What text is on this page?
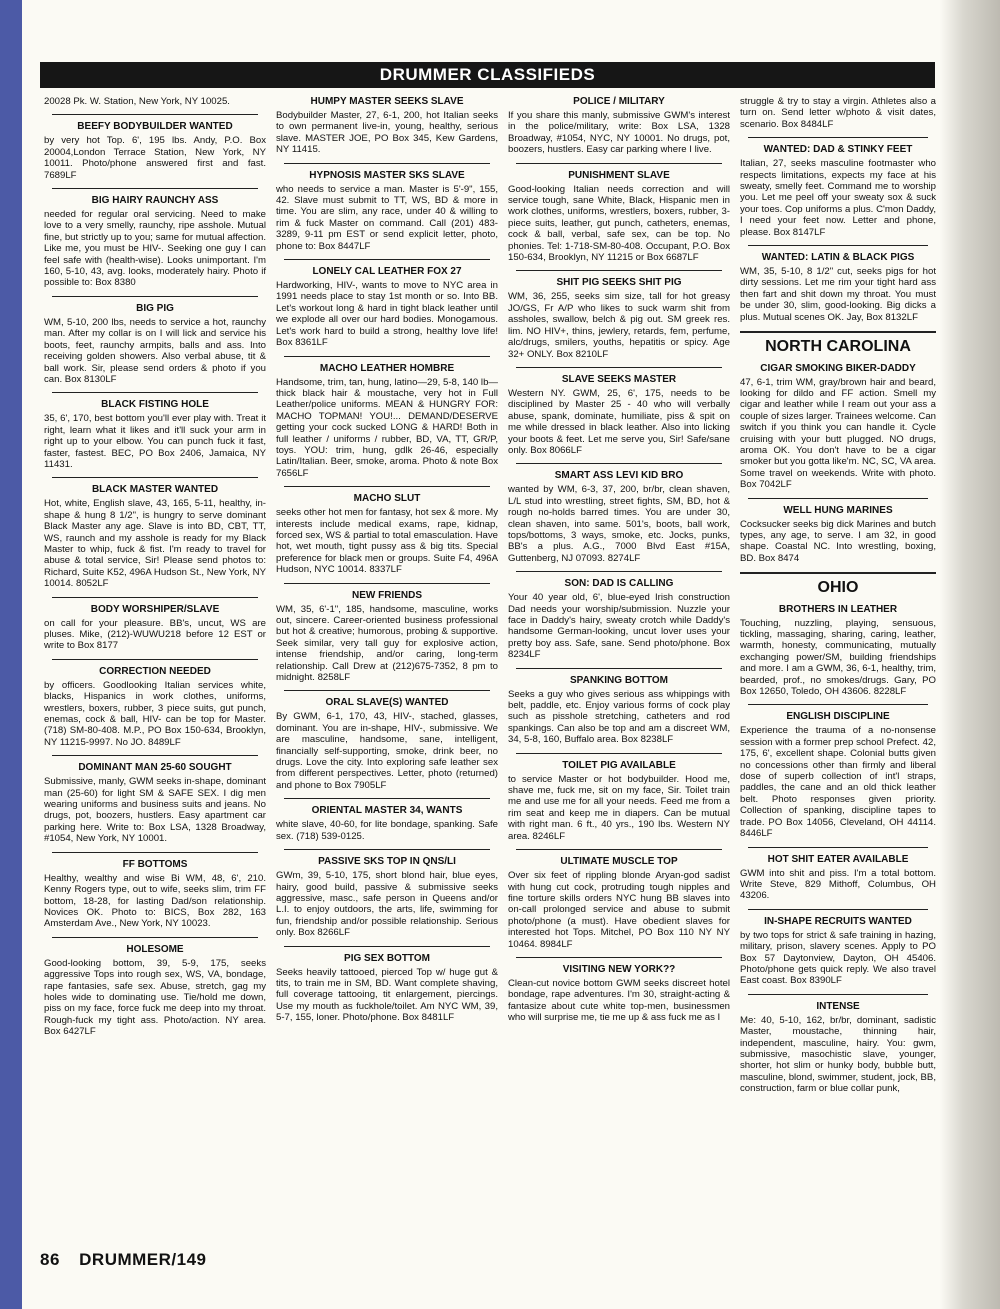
DRUMMER CLASSIFIEDS
20028 Pk. W. Station, New York, NY 10025.
BEEFY BODYBUILDER WANTED
by very hot Top. 6', 195 lbs. Andy, P.O. Box 20004,London Terrace Station, New York, NY 10011. Photo/phone answered first and fast. 7689LF
BIG HAIRY RAUNCHY ASS
needed for regular oral servicing. Need to make love to a very smelly, raunchy, ripe asshole. Mutual fine, but strictly up to you; same for mutual affection. Like me, you must be HIV-. Seeking one guy I can feel safe with (health-wise). Looks unimportant. I'm 160, 5-10, 43, avg. looks, moderately hairy. Photo if possible to: Box 8380
BIG PIG
WM, 5-10, 200 lbs, needs to service a hot, raunchy man. After my collar is on I will lick and service his boots, feet, raunchy armpits, balls and ass. Into receiving golden showers. Also verbal abuse, tit & ball work. Sir, please send orders & photo if you can. Box 8130LF
BLACK FISTING HOLE
35, 6', 170, best bottom you'll ever play with. Treat it right, learn what it likes and it'll suck your arm in right up to your elbow. You can punch fuck it fast, faster, fastest. BEC, PO Box 2406, Jamaica, NY 11431.
BLACK MASTER WANTED
Hot, white, English slave, 43, 165, 5-11, healthy, in-shape & hung 8 1/2", is hungry to serve dominant Black Master any age. Slave is into BD, CBT, TT, WS, raunch and my asshole is ready for my Black Master to whip, fuck & fist. I'm ready to travel for abuse & total service, Sir! Please send photos to: Richard, Suite K52, 496A Hudson St., New York, NY 10014. 8052LF
BODY WORSHIPER/SLAVE
on call for your pleasure. BB's, uncut, WS are pluses. Mike, (212)-WUWU218 before 12 EST or write to Box 8177
CORRECTION NEEDED
by officers. Goodlooking Italian services white, blacks, Hispanics in work clothes, uniforms, wrestlers, boxers, rubber, 3 piece suits, gut punch, enemas, cock & ball, HIV- can be top for Master. (718) SM-80-408. M.P., PO Box 150-634, Brooklyn, NY 11215-9997. No JO. 8489LF
DOMINANT MAN 25-60 SOUGHT
Submissive, manly, GWM seeks in-shape, dominant man (25-60) for light SM & SAFE SEX. I dig men wearing uniforms and business suits and jeans. No drugs, pot, boozers, hustlers. Easy apartment car parking here. Write to: Box LSA, 1328 Broadway, #1054, New York, NY 10001.
FF BOTTOMS
Healthy, wealthy and wise Bi WM, 48, 6', 210. Kenny Rogers type, out to wife, seeks slim, trim FF bottom, 18-28, for lasting Dad/son relationship. Novices OK. Photo to: BICS, Box 282, 163 Amsterdam Ave., New York, NY 10023.
HOLESOME
Good-looking bottom, 39, 5-9, 175, seeks aggressive Tops into rough sex, WS, VA, bondage, rape fantasies, safe sex. Abuse, stretch, gag my holes wide to dominating use. Tie/hold me down, piss on my face, force fuck me deep into my throat. Rough-fuck my tight ass. Photo/action. NY area. Box 6427LF
HUMPY MASTER SEEKS SLAVE
Bodybuilder Master, 27, 6-1, 200, hot Italian seeks to own permanent live-in, young, healthy, serious slave. MASTER JOE, PO Box 345, Kew Gardens, NY 11415.
HYPNOSIS MASTER SKS SLAVE
who needs to service a man. Master is 5'-9", 155, 42. Slave must submit to TT, WS, BD & more in time. You are slim, any race, under 40 & willing to rim & fuck Master on command. Call (201) 483-3289, 9-11 pm EST or send explicit letter, photo, phone to: Box 8447LF
LONELY CAL LEATHER FOX 27
Hardworking, HIV-, wants to move to NYC area in 1991 needs place to stay 1st month or so. Into BB. Let's workout long & hard in tight black leather until we explode all over our hard bodies. Monogamous. Let's work hard to build a strong, healthy love life! Box 8361LF
MACHO LEATHER HOMBRE
Handsome, trim, tan, hung, latino—29, 5-8, 140 lb—thick black hair & moustache, very hot in Full Leather/police uniforms. MEAN & HUNGRY FOR: MACHO TOPMAN! YOU!... DEMAND/DESERVE getting your cock sucked LONG & HARD! Both in full leather / uniforms / rubber, BD, VA, TT, GR/P, toys. YOU: trim, hung, gdlk 26-46, especially Latin/Italian. Beer, smoke, aroma. Photo & note Box 7656LF
MACHO SLUT
seeks other hot men for fantasy, hot sex & more. My interests include medical exams, rape, kidnap, forced sex, WS & partial to total emasculation. Have hot, wet mouth, tight pussy ass & big tits. Special preference for black men or groups. Suite F4, 496A Hudson, NYC 10014. 8337LF
NEW FRIENDS
WM, 35, 6'-1", 185, handsome, masculine, works out, sincere. Career-oriented business professional but hot & creative; humorous, probing & supportive. Seek similar, very tall guy for explosive action, intense friendship, and/or caring, long-term relationship. Call Drew at (212)675-7352, 8 pm to midnight. 8258LF
ORAL SLAVE(S) WANTED
By GWM, 6-1, 170, 43, HIV-, stached, glasses, dominant. You are in-shape, HIV-, submissive. We are masculine, handsome, sane, intelligent, financially self-supporting, smoke, drink beer, no drugs. Love the city. Into exploring safe leather sex from different perspectives. Letter, photo (returned) and phone to Box 7905LF
ORIENTAL MASTER 34, WANTS
white slave, 40-60, for lite bondage, spanking. Safe sex. (718) 539-0125.
PASSIVE SKS TOP IN QNS/LI
GWm, 39, 5-10, 175, short blond hair, blue eyes, hairy, good build, passive & submissive seeks aggressive, masc., safe person in Queens and/or L.I. to enjoy outdoors, the arts, life, swimming for fun, friendship and/or possible relationship. Serious only. Box 8266LF
PIG SEX BOTTOM
Seeks heavily tattooed, pierced Top w/ huge gut & tits, to train me in SM, BD. Want complete shaving, full coverage tattooing, tit enlargement, piercings. Use my mouth as fuckhole/toilet. Am NYC WM, 39, 5-7, 155, loner. Photo/phone. Box 8481LF
POLICE / MILITARY
If you share this manly, submissive GWM's interest in the police/military, write: Box LSA, 1328 Broadway, #1054, NYC, NY 10001. No drugs, pot, boozers, hustlers. Easy car parking where I live.
PUNISHMENT SLAVE
Good-looking Italian needs correction and will service tough, sane White, Black, Hispanic men in work clothes, uniforms, wrestlers, boxers, rubber, 3-piece suits, leather, gut punch, catheters, enemas, cock & ball, verbal, safe sex, can be top. No phonies. Tel: 1-718-SM-80-408. Occupant, P.O. Box 150-634, Brooklyn, NY 11215 or Box 6687LF
SHIT PIG SEEKS SHIT PIG
WM, 36, 255, seeks sim size, tall for hot greasy JO/GS, Fr A/P who likes to suck warm shit from assholes, swallow, belch & pig out. SM greek res. lim. NO HIV+, thins, jewlery, retards, fem, perfume, alc/drugs, smilers, youths, hepatitis or spicy. Age 32+ ONLY. Box 8210LF
SLAVE SEEKS MASTER
Western NY. GWM, 25, 6', 175, needs to be disciplined by Master 25 - 40 who will verbally abuse, spank, dominate, humiliate, piss & spit on me while dressed in black leather. Also into licking your boots & feet. Let me serve you, Sir! Safe/sane only. Box 8066LF
SMART ASS LEVI KID BRO
wanted by WM, 6-3, 37, 200, br/br, clean shaven, L/L stud into wrestling, street fights, SM, BD, hot & rough no-holds barred times. You are under 30, clean shaven, into same. 501's, boots, ball work, tops/bottoms, 3 ways, smoke, etc. Jocks, punks, BB's a plus. A.G., 7000 Blvd East #15A, Guttenberg, NJ 07093. 8274LF
SON: DAD IS CALLING
Your 40 year old, 6', blue-eyed Irish construction Dad needs your worship/submission. Nuzzle your face in Daddy's hairy, sweaty crotch while Daddy's handsome German-looking, uncut lover uses your pretty boy ass. Safe, sane. Send photo/phone. Box 8234LF
SPANKING BOTTOM
Seeks a guy who gives serious ass whippings with belt, paddle, etc. Enjoy various forms of cock play such as pisshole stretching, catheters and rod spankings. Can also be top and am a discreet WM, 34, 5-8, 160, Buffalo area. Box 8238LF
TOILET PIG AVAILABLE
to service Master or hot bodybuilder. Hood me, shave me, fuck me, sit on my face, Sir. Toilet train me and use me for all your needs. Feed me from a rim seat and keep me in diapers. Can be mutual with right man. 6 ft., 40 yrs., 190 lbs. Western NY area. 8246LF
ULTIMATE MUSCLE TOP
Over six feet of rippling blonde Aryan-god sadist with hung cut cock, protruding tough nipples and fine torture skills orders NYC hung BB slaves into on-call prolonged service and abuse to submit photo/phone (a must). Have obedient slaves for interested hot Tops. Mitchel, PO Box 110 NY NY 10464. 8984LF
VISITING NEW YORK??
Clean-cut novice bottom GWM seeks discreet hotel bondage, rape adventures. I'm 30, straight-acting & fantasize about cute white top-men, businessmen who will surprise me, tie me up & ass fuck me as I
struggle & try to stay a virgin. Athletes also a turn on. Send letter w/photo & visit dates, scenario. Box 8484LF
WANTED: DAD & STINKY FEET
Italian, 27, seeks masculine footmaster who respects limitations, expects my face at his sweaty, smelly feet. Command me to worship you. Let me peel off your sweaty sox & suck your toes. Cop uniforms a plus. C'mon Daddy, I need your feet now. Letter and phone, please. Box 8147LF
WANTED: LATIN & BLACK PIGS
WM, 35, 5-10, 8 1/2" cut, seeks pigs for hot dirty sessions. Let me rim your tight hard ass then fart and shit down my throat. You must be under 30, slim, good-looking. Big dicks a plus. Mutual scenes OK. Jay, Box 8132LF
NORTH CAROLINA
CIGAR SMOKING BIKER-DADDY
47, 6-1, trim WM, gray/brown hair and beard, looking for dildo and FF action. Smell my cigar and leather while I ream out your ass a couple of sizes larger. Trainees welcome. Can switch if you think you can handle it. Cycle cruising with your butt plugged. NO drugs, aroma OK. You don't have to be a cigar smoker but you gotta like'm. NC, SC, VA area. Some travel on weekends. Write with photo. Box 7042LF
WELL HUNG MARINES
Cocksucker seeks big dick Marines and butch types, any age, to serve. I am 32, in good shape. Coastal NC. Into wrestling, boxing, BD. Box 8474
OHIO
BROTHERS IN LEATHER
Touching, nuzzling, playing, sensuous, tickling, massaging, sharing, caring, leather, warmth, honesty, communicating, mutually exchanging power/SM, building friendships and more. I am a GWM, 36, 6-1, healthy, trim, bearded, prof., no smokes/drugs. Gary, PO Box 12650, Toledo, OH 43606. 8228LF
ENGLISH DISCIPLINE
Experience the trauma of a no-nonsense session with a former prep school Prefect. 42, 175, 6', excellent shape. Colonial butts given no concessions other than firmly and liberal dose of superb collection of int'l straps, paddles, the cane and an old thick leather belt. Photo responses given priority. Collection of spanking, discipline tapes to trade. PO Box 14056, Cleveland, OH 44114. 8446LF
HOT SHIT EATER AVAILABLE
GWM into shit and piss. I'm a total bottom. Write Steve, 829 Mithoff, Columbus, OH 43206.
IN-SHAPE RECRUITS WANTED
by two tops for strict & safe training in hazing, military, prison, slavery scenes. Apply to PO Box 57 Daytonview, Dayton, OH 45406. Photo/phone gets quick reply. We also travel East coast. Box 8390LF
INTENSE
Me: 40, 5-10, 162, br/br, dominant, sadistic Master, moustache, thinning hair, independent, masculine, hairy. You: gwm, submissive, masochistic slave, younger, shorter, hot slim or hunky body, bubble butt, masculine, blond, swimmer, student, jock, BB, construction, farm or blue collar punk,
86 DRUMMER/149
